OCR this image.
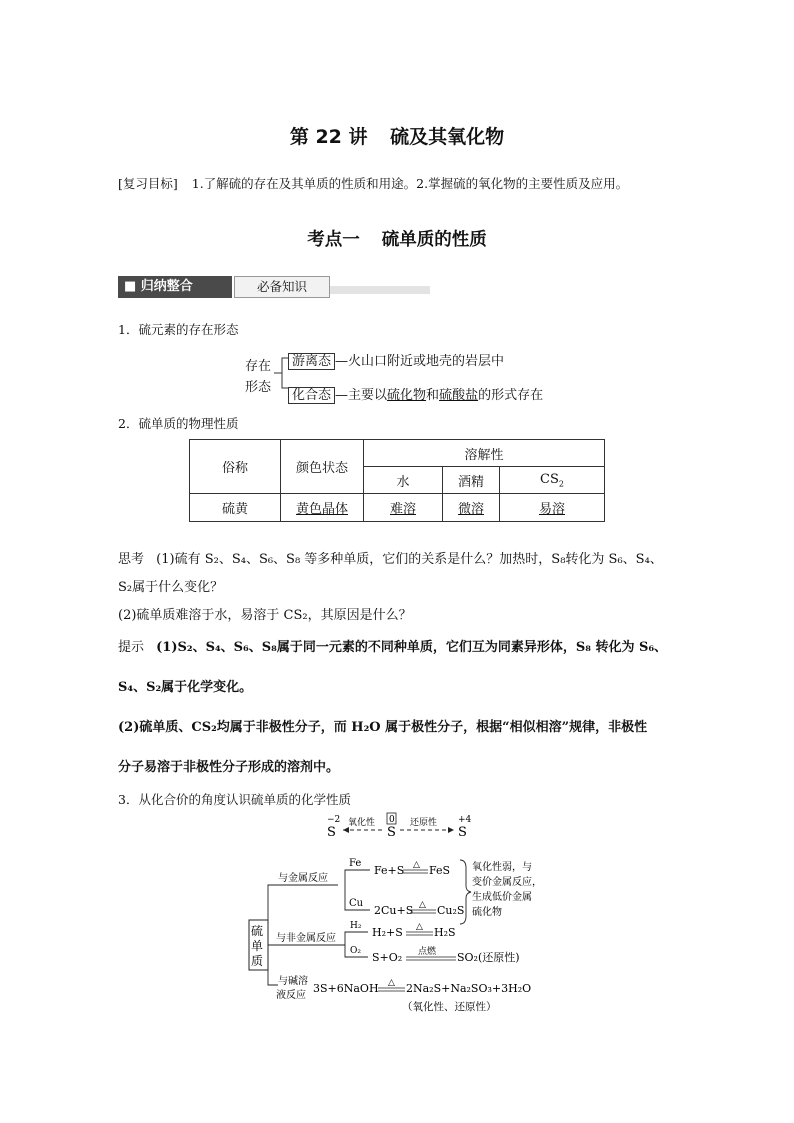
第 22 讲 硫及其氧化物
[复习目标] 1.了解硫的存在及其单质的性质和用途。2.掌握硫的氧化物的主要性质及应用。
考点一 硫单质的性质
■ 归纳整合	必备知识
1．硫元素的存在形态
存在
形态
游离态 —火山口附近或地壳的岩层中
化合态 —主要以硫化物和硫酸盐的形式存在
2．硫单质的物理性质
俗称	颜色状态	溶解性		
		水	酒精	$CS_2$
硫黄	黄色晶体	难溶	微溶	易溶
思考 (1)硫有 S₂、S₄、S₆、S₈ 等多种单质，它们的关系是什么？加热时，S₈转化为 S₆、S₄、
S₂属于什么变化？
(2)硫单质难溶于水，易溶于 CS₂，其原因是什么？
提示 (1)S₂、S₄、S₆、S₈属于同一元素的不同种单质，它们互为同素异形体，S₈ 转化为 S₆、
S₄、S₂属于化学变化。
(2)硫单质、CS₂均属于非极性分子，而 H₂O 属于极性分子，根据“相似相溶”规律，非极性
分子易溶于非极性分子形成的溶剂中。
3．从化合价的角度认识硫单质的化学性质
−2
S
氧化性 0
S
还原性 +4
S
硫
单
质
与金属反应
与非金属反应
与碱溶
液反应
Fe
Cu
Fe+S △ FeS
2Cu+S △ Cu₂S
氧化性弱，与
变价金属反应，
生成低价金属
硫化物
H₂
O₂
H₂+S △ H₂S
S+O₂ 点燃 SO₂(还原性)
3S+6NaOH △ 2Na₂S+Na₂SO₃+3H₂O
（氧化性、还原性）
